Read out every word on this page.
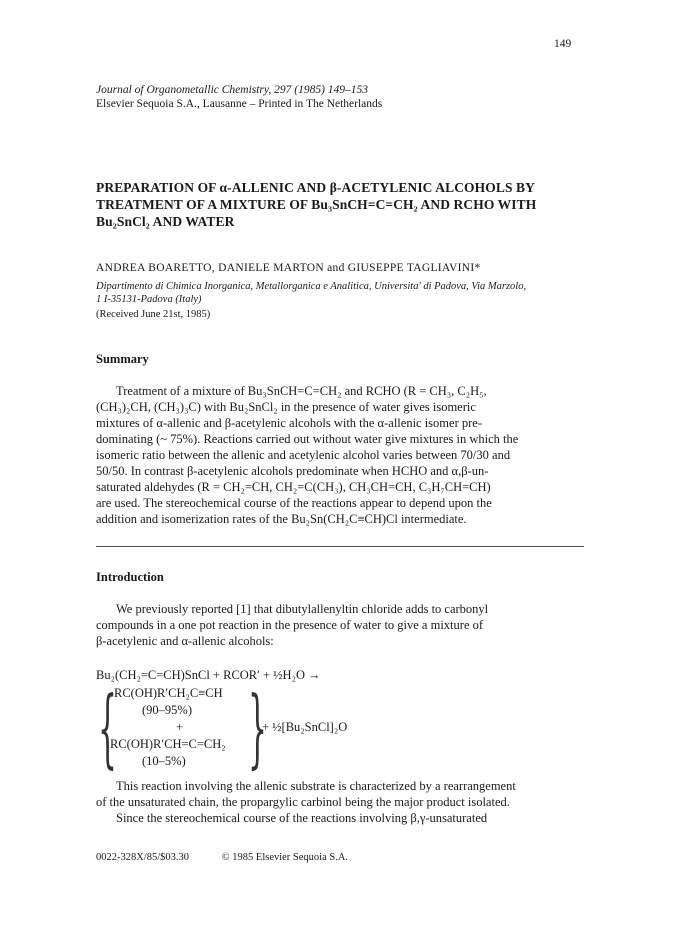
149
Journal of Organometallic Chemistry, 297 (1985) 149–153
Elsevier Sequoia S.A., Lausanne – Printed in The Netherlands
PREPARATION OF α-ALLENIC AND β-ACETYLENIC ALCOHOLS BY
TREATMENT OF A MIXTURE OF Bu₃SnCH=C=CH₂ AND RCHO WITH
Bu₂SnCl₂ AND WATER
ANDREA BOARETTO, DANIELE MARTON and GIUSEPPE TAGLIAVINI*
Dipartimento di Chimica Inorganica, Metallorganica e Analitica, Universita' di Padova, Via Marzolo,
1 I-35131-Padova (Italy)
(Received June 21st, 1985)
Summary
Treatment of a mixture of Bu₃SnCH=C=CH₂ and RCHO (R = CH₃, C₂H₅,
(CH₃)₂CH, (CH₃)₃C) with Bu₂SnCl₂ in the presence of water gives isomeric
mixtures of α-allenic and β-acetylenic alcohols with the α-allenic isomer pre-
dominating (~ 75%). Reactions carried out without water give mixtures in which the
isomeric ratio between the allenic and acetylenic alcohol varies between 70/30 and
50/50. In contrast β-acetylenic alcohols predominate when HCHO and α,β-un-
saturated aldehydes (R = CH₂=CH, CH₂=C(CH₃), CH₃CH=CH, C₃H₇CH=CH)
are used. The stereochemical course of the reactions appear to depend upon the
addition and isomerization rates of the Bu₂Sn(CH₂C≡CH)Cl intermediate.
Introduction
We previously reported [1] that dibutylallenyltin chloride adds to carbonyl
compounds in a one pot reaction in the presence of water to give a mixture of
β-acetylenic and α-allenic alcohols:
Bu₂(CH₂=C=CH)SnCl + RCOR′ + ½H₂O →
{
RC(OH)R′CH₂C≡CH
(90–95%)
+
RC(OH)R′CH=C=CH₂
(10–5%) }
+ ½[Bu₂SnCl]₂O
This reaction involving the allenic substrate is characterized by a rearrangement
of the unsaturated chain, the propargylic carbinol being the major product isolated.
Since the stereochemical course of the reactions involving β,γ-unsaturated
0022-328X/85/$03.30	© 1985 Elsevier Sequoia S.A.
